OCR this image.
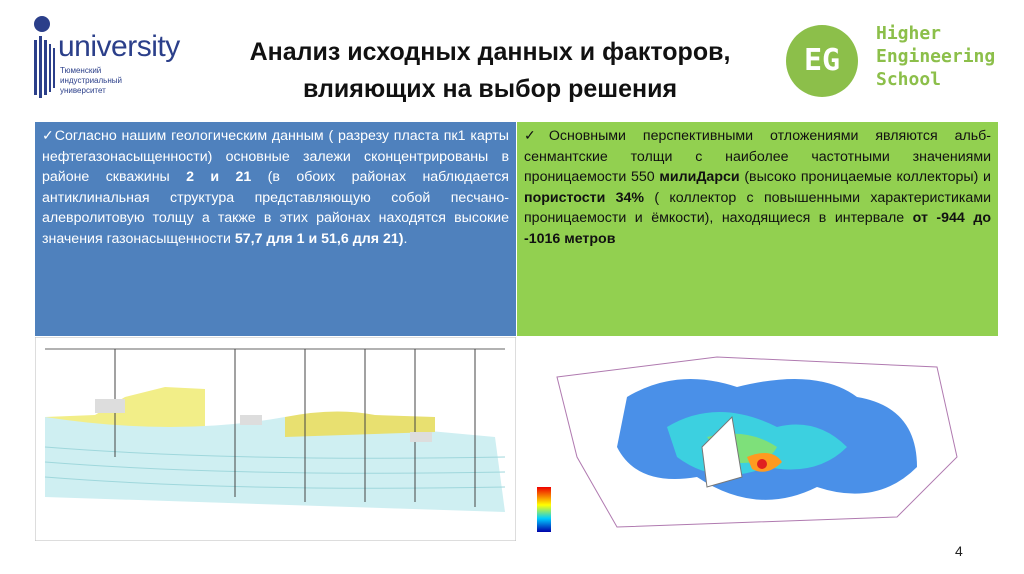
university
Тюменский индустриальный университет
Анализ исходных данных и факторов,
влияющих на выбор решения
EG
Higher
Engineering
School
✓Согласно нашим геологическим данным ( разрезу пласта пк1 карты нефтегазонасыщенности) основные залежи сконцентрированы в районе скважины 2 и 21 (в обоих районах наблюдается антиклинальная структура представляющую собой песчано-алевролитовую толщу а также в этих районах находятся высокие значения газонасыщенности 57,7 для 1 и 51,6 для 21).
✓Основными перспективными отложениями являются альб-сенмантские толщи с наиболее частотными значениями проницаемости 550 милиДарси (высоко проницаемые коллекторы) и пористости 34% ( коллектор с повышенными характеристиками проницаемости и ёмкости), находящиеся в интервале от -944 до -1016 метров
4
